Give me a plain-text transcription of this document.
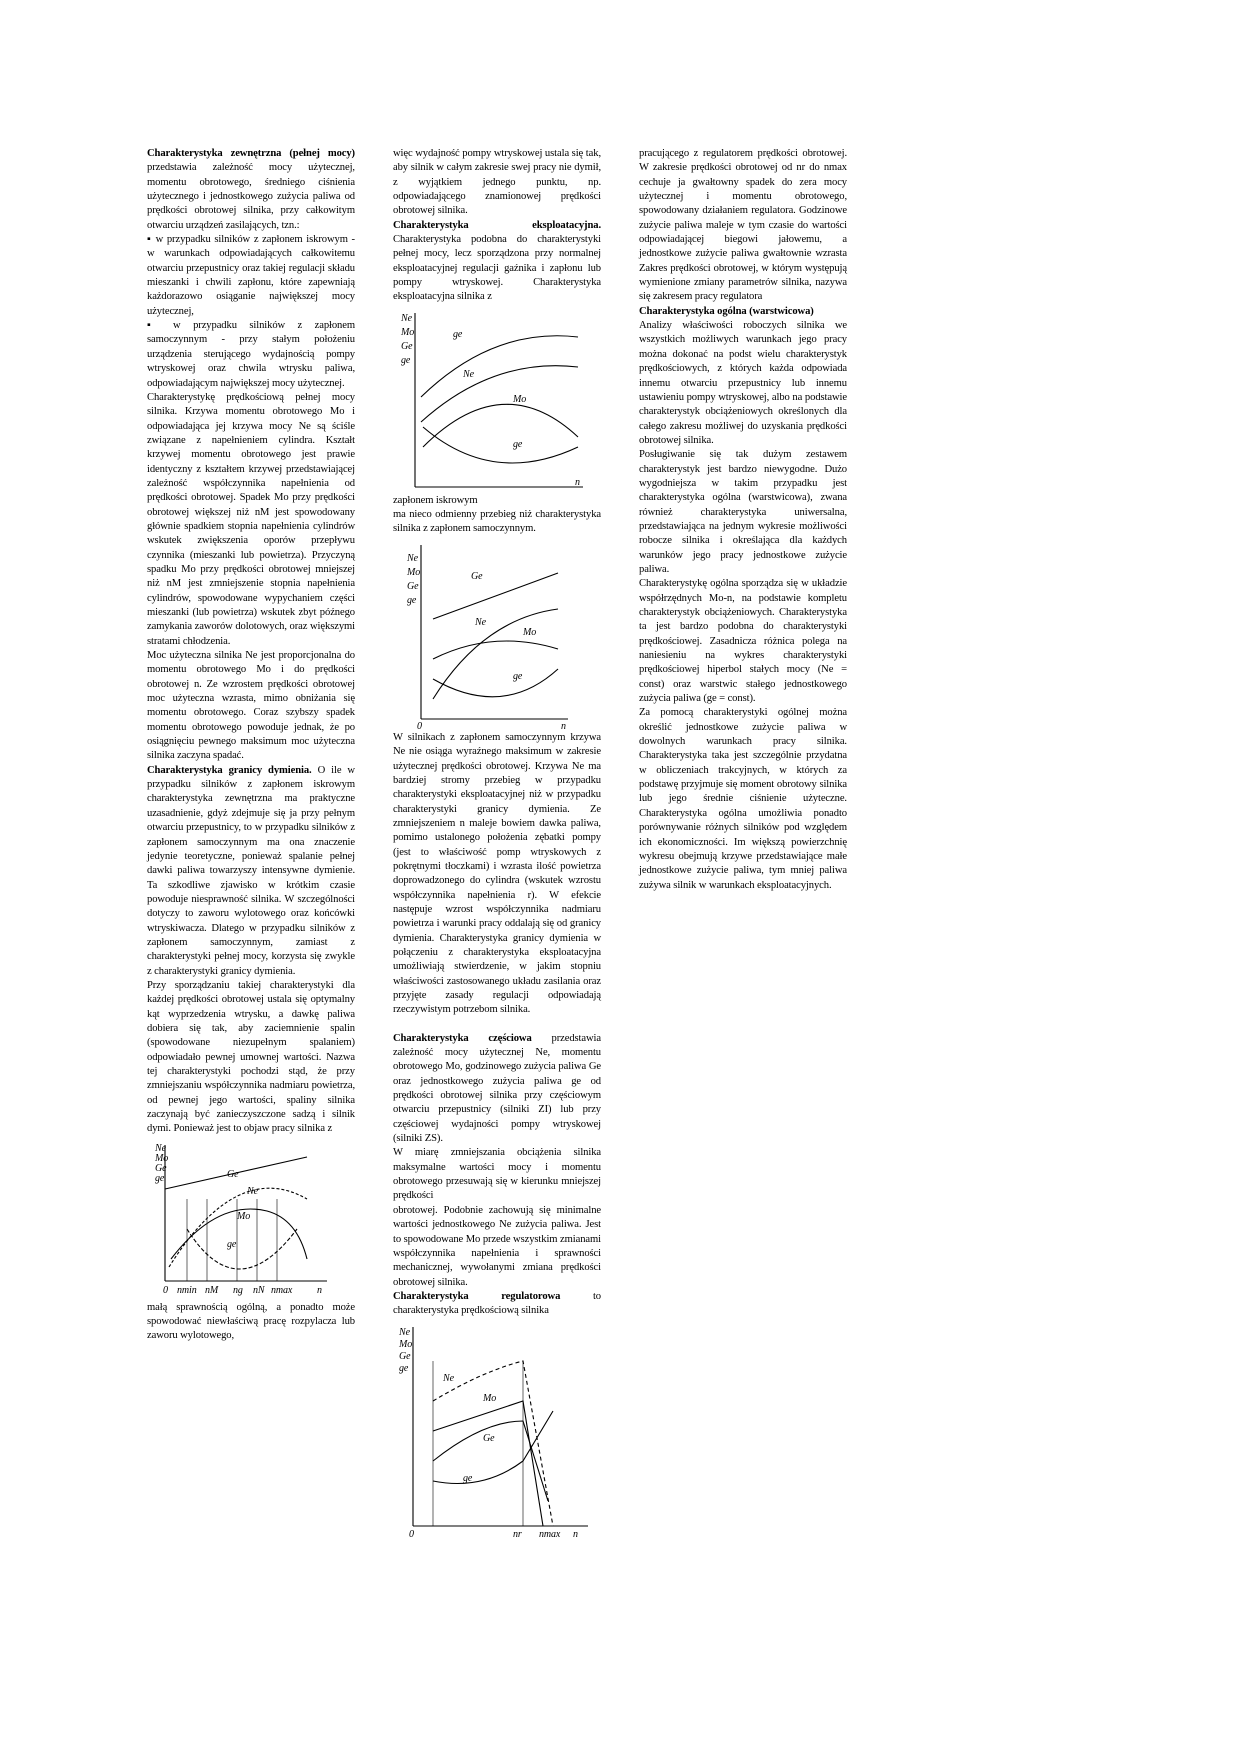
Charakterystyka zewnętrzna (pełnej mocy) przedstawia zależność mocy użytecznej, momentu obrotowego, średniego ciśnienia użytecznego i jednostkowego zużycia paliwa od prędkości obrotowej silnika, przy całkowitym otwarciu urządzeń zasilających, tzn.:

▪ w przypadku silników z zapłonem iskrowym - w warunkach odpowiadających całkowitemu otwarciu przepustnicy oraz takiej regulacji składu mieszanki i chwili zapłonu, które zapewniają każdorazowo osiąganie największej mocy użytecznej,

▪ w przypadku silników z zapłonem samoczynnym - przy stałym położeniu urządzenia sterującego wydajnością pompy wtryskowej oraz chwila wtrysku paliwa, odpowiadającym największej mocy użytecznej.

Charakterystykę prędkościową pełnej mocy silnika. Krzywa momentu obrotowego Mo i odpowiadająca jej krzywa mocy Ne są ściśle związane z napełnieniem cylindra. Kształt krzywej momentu obrotowego jest prawie identyczny z kształtem krzywej przedstawiającej zależność współczynnika napełnienia od prędkości obrotowej. Spadek Mo przy prędkości obrotowej większej niż nM jest spowodowany głównie spadkiem stopnia napełnienia cylindrów wskutek zwiększenia oporów przepływu czynnika (mieszanki lub powietrza). Przyczyną spadku Mo przy prędkości obrotowej mniejszej niż nM jest zmniejszenie stopnia napełnienia cylindrów, spowodowane wypychaniem części mieszanki (lub powietrza) wskutek zbyt późnego zamykania zaworów dolotowych, oraz większymi stratami chłodzenia.

Moc użyteczna silnika Ne jest proporcjonalna do momentu obrotowego Mo i do prędkości obrotowej n. Ze wzrostem prędkości obrotowej moc użyteczna wzrasta, mimo obniżania się momentu obrotowego. Coraz szybszy spadek momentu obrotowego powoduje jednak, że po osiągnięciu pewnego maksimum moc użyteczna silnika zaczyna spadać.

Charakterystyka granicy dymienia. O ile w przypadku silników z zapłonem iskrowym charakterystyka zewnętrzna ma praktyczne uzasadnienie, gdyż zdejmuje się ja przy pełnym otwarciu przepustnicy, to w przypadku silników z zapłonem samoczynnym ma ona znaczenie jedynie teoretyczne, ponieważ spalanie pełnej dawki paliwa towarzyszy intensywne dymienie. Ta szkodliwe zjawisko w krótkim czasie powoduje niesprawność silnika. W szczególności dotyczy to zaworu wylotowego oraz końcówki wtryskiwacza. Dlatego w przypadku silników z zapłonem samoczynnym, zamiast z charakterystyki pełnej mocy, korzysta się zwykle z charakterystyki granicy dymienia.

Przy sporządzaniu takiej charakterystyki dla każdej prędkości obrotowej ustala się optymalny kąt wyprzedzenia wtrysku, a dawkę paliwa dobiera się tak, aby zaciemnienie spalin (spowodowane niezupełnym spalaniem) odpowiadało pewnej umownej wartości. Nazwa tej charakterystyki pochodzi stąd, że przy zmniejszaniu współczynnika nadmiaru powietrza, od pewnej jego wartości, spaliny silnika zaczynają być zanieczyszczone sadzą i silnik dymi. Ponieważ jest to objaw pracy silnika z

Ne
Mo
Ge
ge	Ge
Ne
Mo
ge
0 nmin nM ng nN nmax n

małą sprawnością ogólną, a ponadto może spowodować niewłaściwą pracę rozpylacza lub zaworu wylotowego,

więc wydajność pompy wtryskowej ustala się tak, aby silnik w całym zakresie swej pracy nie dymił, z wyjątkiem jednego punktu, np. odpowiadającego znamionowej prędkości obrotowej silnika.

Charakterystyka eksploatacyjna. Charakterystyka podobna do charakterystyki pełnej mocy, lecz sporządzona przy normalnej eksploatacyjnej regulacji gaźnika i zapłonu lub pompy wtryskowej. Charakterystyka eksploatacyjna silnika z

Ne
Mo
Ge
ge
ge
Ne
Mo
ge
n

zapłonem iskrowym

ma nieco odmienny przebieg niż charakterystyka silnika z zapłonem samoczynnym.

Ne
Mo
Ge
ge
Ge
Ne
Mo
ge
0	n

W silnikach z zapłonem samoczynnym krzywa Ne nie osiąga wyraźnego maksimum w zakresie użytecznej prędkości obrotowej. Krzywa Ne ma bardziej stromy przebieg w przypadku charakterystyki eksploatacyjnej niż w przypadku charakterystyki granicy dymienia. Ze zmniejszeniem n maleje bowiem dawka paliwa, pomimo ustalonego położenia zębatki pompy (jest to właściwość pomp wtryskowych z pokrętnymi tłoczkami) i wzrasta ilość powietrza doprowadzonego do cylindra (wskutek wzrostu współczynnika napełnienia r). W efekcie następuje wzrost współczynnika nadmiaru powietrza i warunki pracy oddalają się od granicy dymienia. Charakterystyka granicy dymienia w połączeniu z charakterystyka eksploatacyjna umożliwiają stwierdzenie, w jakim stopniu właściwości zastosowanego układu zasilania oraz przyjęte zasady regulacji odpowiadają rzeczywistym potrzebom silnika.

Charakterystyka częściowa przedstawia zależność mocy użytecznej Ne, momentu obrotowego Mo, godzinowego zużycia paliwa Ge oraz jednostkowego zużycia paliwa ge od prędkości obrotowej silnika przy częściowym otwarciu przepustnicy (silniki ZI) lub przy częściowej wydajności pompy wtryskowej (silniki ZS).

W miarę zmniejszania obciążenia silnika maksymalne wartości mocy i momentu obrotowego przesuwają się w kierunku mniejszej prędkości

obrotowej. Podobnie zachowują się minimalne wartości jednostkowego Ne zużycia paliwa. Jest to spowodowane Mo przede wszystkim zmianami współczynnika napełnienia i sprawności mechanicznej, wywołanymi zmiana prędkości obrotowej silnika.

Charakterystyka regulatorowa to charakterystyka prędkościową silnika

Ne
Mo
Ge
ge
Ne
Mo
Ge
ge
0	nr nmax n

pracującego z regulatorem prędkości obrotowej. W zakresie prędkości obrotowej od nr do nmax cechuje ja gwałtowny spadek do zera mocy użytecznej i momentu obrotowego, spowodowany działaniem regulatora. Godzinowe zużycie paliwa maleje w tym czasie do wartości odpowiadającej biegowi jałowemu, a jednostkowe zużycie paliwa gwałtownie wzrasta Zakres prędkości obrotowej, w którym występują wymienione zmiany parametrów silnika, nazywa się zakresem pracy regulatora

Charakterystyka ogólna (warstwicowa)

Analizy właściwości roboczych silnika we wszystkich możliwych warunkach jego pracy można dokonać na podst wielu charakterystyk prędkościowych, z których każda odpowiada innemu otwarciu przepustnicy lub innemu ustawieniu pompy wtryskowej, albo na podstawie charakterystyk obciążeniowych określonych dla całego zakresu możliwej do uzyskania prędkości obrotowej silnika.

Posługiwanie się tak dużym zestawem charakterystyk jest bardzo niewygodne. Dużo wygodniejsza w takim przypadku jest charakterystyka ogólna (warstwicowa), zwana również charakterystyka uniwersalna, przedstawiająca na jednym wykresie możliwości robocze silnika i określająca dla każdych warunków jego pracy jednostkowe zużycie paliwa.

Charakterystykę ogólna sporządza się w układzie współrzędnych Mo-n, na podstawie kompletu charakterystyk obciążeniowych. Charakterystyka ta jest bardzo podobna do charakterystyki prędkościowej. Zasadnicza różnica polega na naniesieniu na wykres charakterystyki prędkościowej hiperbol stałych mocy (Ne = const) oraz warstwic stałego jednostkowego zużycia paliwa (ge = const).

Za pomocą charakterystyki ogólnej można określić jednostkowe zużycie paliwa w dowolnych warunkach pracy silnika. Charakterystyka taka jest szczególnie przydatna w obliczeniach trakcyjnych, w których za podstawę przyjmuje się moment obrotowy silnika lub jego średnie ciśnienie użyteczne. Charakterystyka ogólna umożliwia ponadto porównywanie różnych silników pod względem ich ekonomiczności. Im większą powierzchnię wykresu obejmują krzywe przedstawiające małe jednostkowe zużycie paliwa, tym mniej paliwa zużywa silnik w warunkach eksploatacyjnych.
